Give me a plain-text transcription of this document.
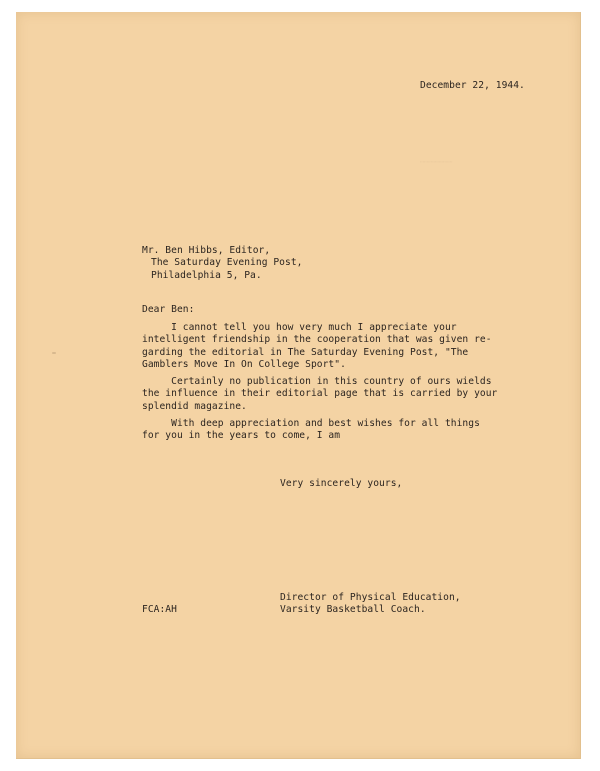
┈┈┈┈┈┈
December 22, 1944.
Mr. Ben Hibbs, Editor,
The Saturday Evening Post,
Philadelphia 5, Pa.
Dear Ben:
I cannot tell you how very much I appreciate your
intelligent friendship in the cooperation that was given re-
garding the editorial in The Saturday Evening Post, "The
Gamblers Move In On College Sport".
Certainly no publication in this country of ours wields
the influence in their editorial page that is carried by your
splendid magazine.
With deep appreciation and best wishes for all things
for you in the years to come, I am
Very sincerely yours,
Director of Physical Education,
Varsity Basketball Coach.
FCA:AH
